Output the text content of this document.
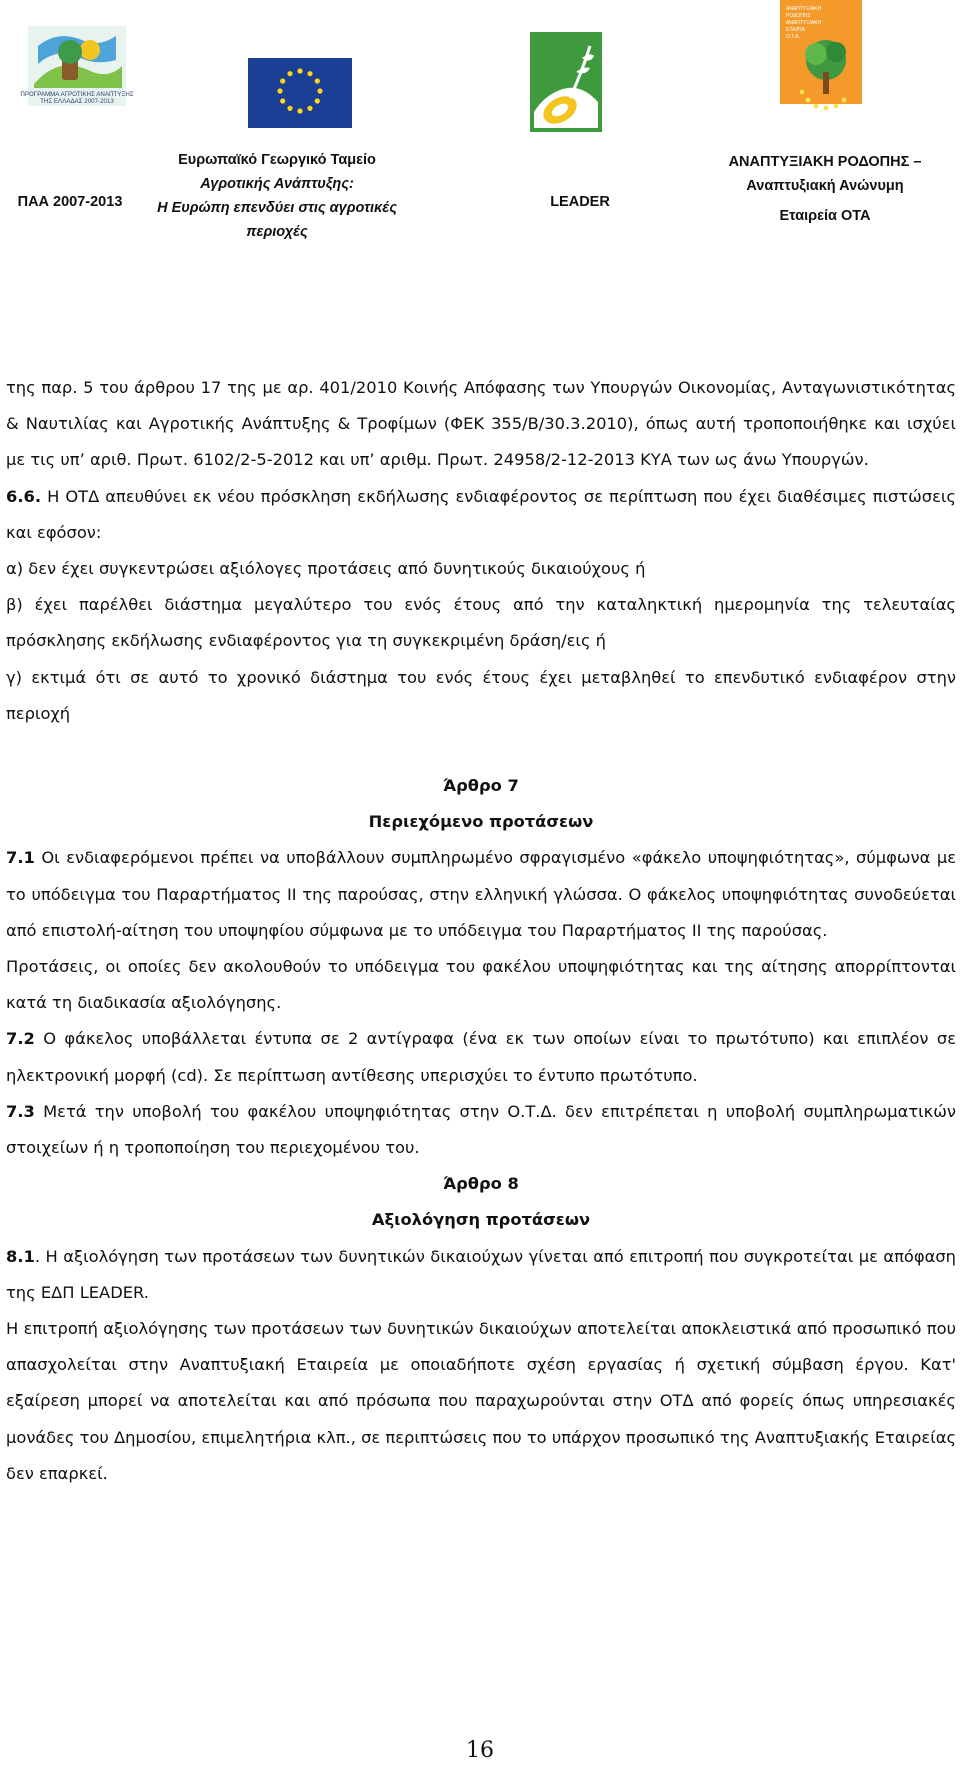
ΠΡΟΓΡΑΜΜΑ ΑΓΡΟΤΙΚΗΣ ΑΝΑΠΤΥΞΗΣ
ΤΗΣ ΕΛΛΑΔΑΣ 2007-2013
ΑΝΑΠΤΥΞΙΑΚΗ
ΡΟΔΟΠΗΣ
ΑΝΑΠΤΥΞΙΑΚΗ
ΕΤΑΙΡΙΑ
Ο.Τ.Α.
ΠΑΑ 2007-2013
Ευρωπαϊκό Γεωργικό Ταμείο
Αγροτικής Ανάπτυξης:
Η Ευρώπη επενδύει στις αγροτικές
περιοχές
LEADER
ΑΝΑΠΤΥΞΙΑΚΗ ΡΟΔΟΠΗΣ –
Αναπτυξιακή Ανώνυμη
Εταιρεία ΟΤΑ

της παρ. 5 του άρθρου 17 της με αρ. 401/2010 Κοινής Απόφασης των Υπουργών Οικονομίας, Ανταγωνιστικότητας & Ναυτιλίας και Αγροτικής Ανάπτυξης & Τροφίμων (ΦΕΚ 355/Β/30.3.2010), όπως αυτή τροποποιήθηκε και ισχύει με τις υπ’ αριθ. Πρωτ. 6102/2-5-2012 και υπ’ αριθμ. Πρωτ. 24958/2-12-2013 ΚΥΑ των ως άνω Υπουργών.

6.6. Η ΟΤΔ απευθύνει εκ νέου πρόσκληση εκδήλωσης ενδιαφέροντος σε περίπτωση που έχει διαθέσιμες πιστώσεις και εφόσον:

α) δεν έχει συγκεντρώσει αξιόλογες προτάσεις από δυνητικούς δικαιούχους ή

β) έχει παρέλθει διάστημα μεγαλύτερο του ενός έτους από την καταληκτική ημερομηνία της τελευταίας πρόσκλησης εκδήλωσης ενδιαφέροντος για τη συγκεκριμένη δράση/εις ή

γ) εκτιμά ότι σε αυτό το χρονικό διάστημα του ενός έτους έχει μεταβληθεί το επενδυτικό ενδιαφέρον στην περιοχή

Άρθρο 7

Περιεχόμενο προτάσεων

7.1 Οι ενδιαφερόμενοι πρέπει να υποβάλλουν συμπληρωμένο σφραγισμένο «φάκελο υποψηφιότητας», σύμφωνα με το υπόδειγμα του Παραρτήματος ΙΙ της παρούσας, στην ελληνική γλώσσα. Ο φάκελος υποψηφιότητας συνοδεύεται από επιστολή-αίτηση του υποψηφίου σύμφωνα με το υπόδειγμα του Παραρτήματος ΙΙ της παρούσας.

Προτάσεις, οι οποίες δεν ακολουθούν το υπόδειγμα του φακέλου υποψηφιότητας και της αίτησης απορρίπτονται κατά τη διαδικασία αξιολόγησης.

7.2 Ο φάκελος υποβάλλεται έντυπα σε 2 αντίγραφα (ένα εκ των οποίων είναι το πρωτότυπο) και επιπλέον σε ηλεκτρονική μορφή (cd). Σε περίπτωση αντίθεσης υπερισχύει το έντυπο πρωτότυπο.

7.3 Μετά την υποβολή του φακέλου υποψηφιότητας στην Ο.Τ.Δ. δεν επιτρέπεται η υποβολή συμπληρωματικών στοιχείων ή η τροποποίηση του περιεχομένου του.

Άρθρο 8

Αξιολόγηση προτάσεων

8.1. Η αξιολόγηση των προτάσεων των δυνητικών δικαιούχων γίνεται από επιτροπή που συγκροτείται με απόφαση της ΕΔΠ LEADER.

Η επιτροπή αξιολόγησης των προτάσεων των δυνητικών δικαιούχων αποτελείται αποκλειστικά από προσωπικό που απασχολείται στην Αναπτυξιακή Εταιρεία με οποιαδήποτε σχέση εργασίας ή σχετική σύμβαση έργου. Κατ' εξαίρεση μπορεί να αποτελείται και από πρόσωπα που παραχωρούνται στην ΟΤΔ από φορείς όπως υπηρεσιακές μονάδες του Δημοσίου, επιμελητήρια κλπ., σε περιπτώσεις που το υπάρχον προσωπικό της Αναπτυξιακής Εταιρείας δεν επαρκεί.

16
